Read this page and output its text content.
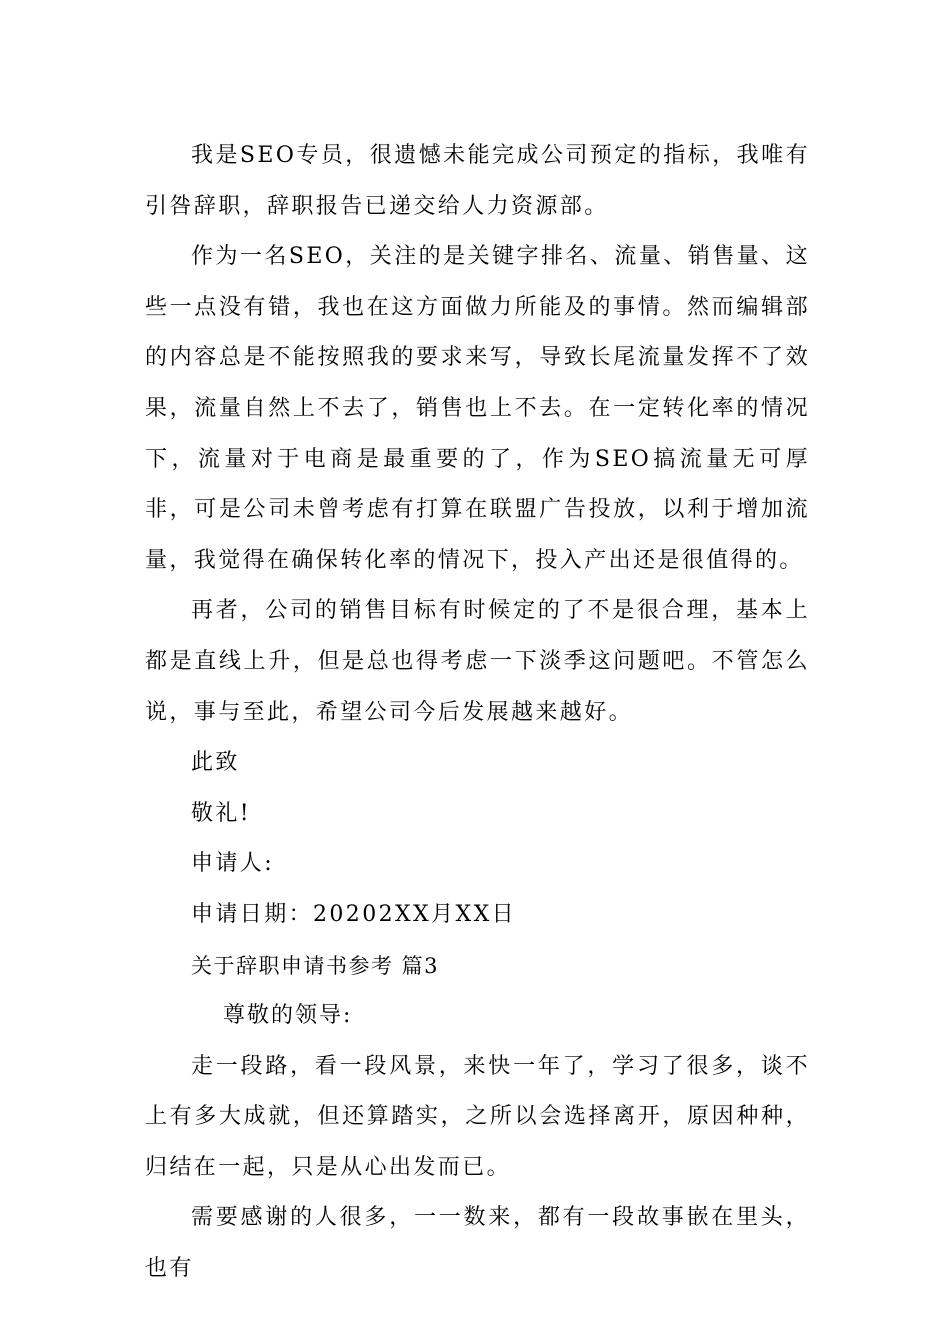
我是SEO专员，很遗憾未能完成公司预定的指标，我唯有引咎辞职，辞职报告已递交给人力资源部。

作为一名SEO，关注的是关键字排名、流量、销售量、这些一点没有错，我也在这方面做力所能及的事情。然而编辑部的内容总是不能按照我的要求来写，导致长尾流量发挥不了效果，流量自然上不去了，销售也上不去。在一定转化率的情况下，流量对于电商是最重要的了，作为SEO搞流量无可厚非，可是公司未曾考虑有打算在联盟广告投放，以利于增加流量，我觉得在确保转化率的情况下，投入产出还是很值得的。

再者，公司的销售目标有时候定的了不是很合理，基本上都是直线上升，但是总也得考虑一下淡季这问题吧。不管怎么说，事与至此，希望公司今后发展越来越好。

此致

敬礼!

申请人:

申请日期：20202XX月XX日

关于辞职申请书参考 篇3

尊敬的领导:

走一段路，看一段风景，来快一年了，学习了很多，谈不上有多大成就，但还算踏实，之所以会选择离开，原因种种，归结在一起，只是从心出发而已。

需要感谢的人很多，一一数来，都有一段故事嵌在里头，也有
